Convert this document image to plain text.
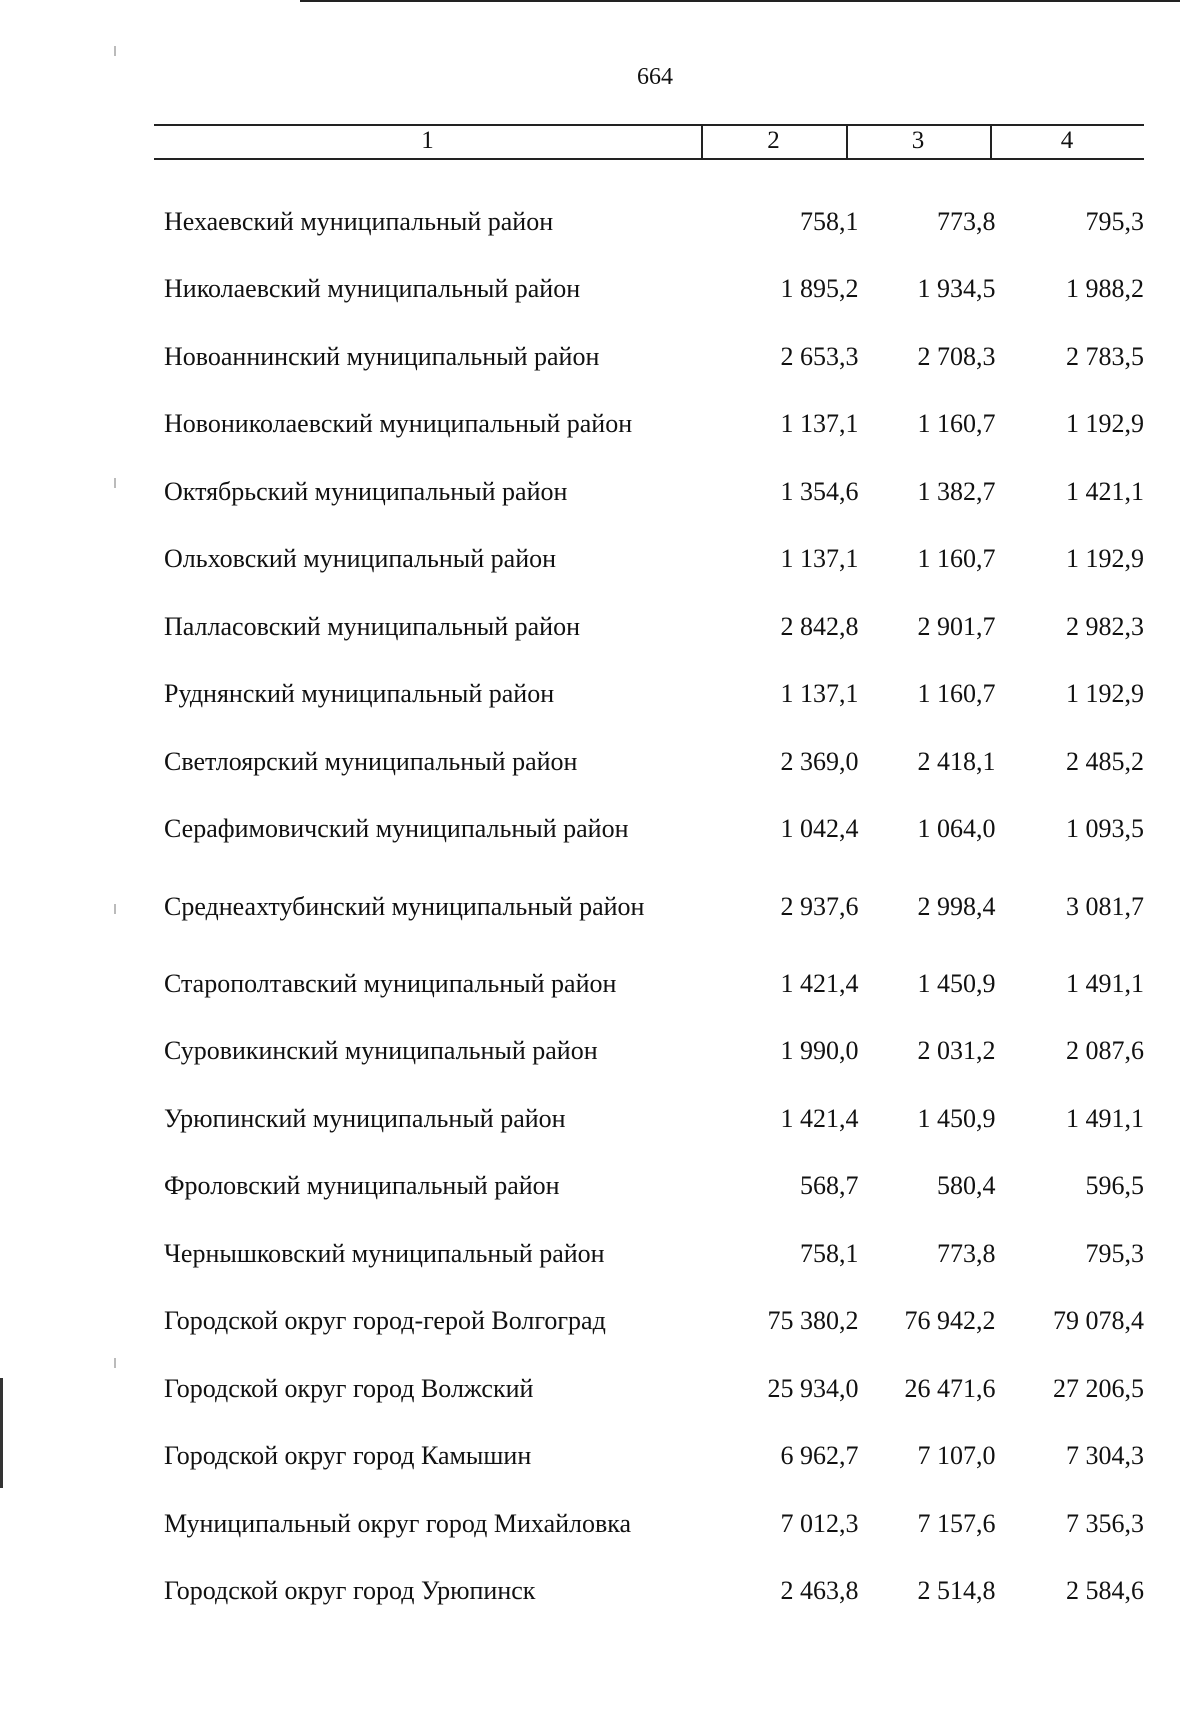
664
1	2	3	4
Нехаевский муниципальный район	758,1	773,8	795,3
Николаевский муниципальный район	1 895,2	1 934,5	1 988,2
Новоаннинский муниципальный район	2 653,3	2 708,3	2 783,5
Новониколаевский муниципальный район	1 137,1	1 160,7	1 192,9
Октябрьский муниципальный район	1 354,6	1 382,7	1 421,1
Ольховский муниципальный район	1 137,1	1 160,7	1 192,9
Палласовский муниципальный район	2 842,8	2 901,7	2 982,3
Руднянский муниципальный район	1 137,1	1 160,7	1 192,9
Светлоярский муниципальный район	2 369,0	2 418,1	2 485,2
Серафимовичский муниципальный район	1 042,4	1 064,0	1 093,5
Среднеахтубинский муниципальный район	2 937,6	2 998,4	3 081,7
Старополтавский муниципальный район	1 421,4	1 450,9	1 491,1
Суровикинский муниципальный район	1 990,0	2 031,2	2 087,6
Урюпинский муниципальный район	1 421,4	1 450,9	1 491,1
Фроловский муниципальный район	568,7	580,4	596,5
Чернышковский муниципальный район	758,1	773,8	795,3
Городской округ город-герой Волгоград	75 380,2	76 942,2	79 078,4
Городской округ город Волжский	25 934,0	26 471,6	27 206,5
Городской округ город Камышин	6 962,7	7 107,0	7 304,3
Муниципальный округ город Михайловка	7 012,3	7 157,6	7 356,3
Городской округ город Урюпинск	2 463,8	2 514,8	2 584,6
